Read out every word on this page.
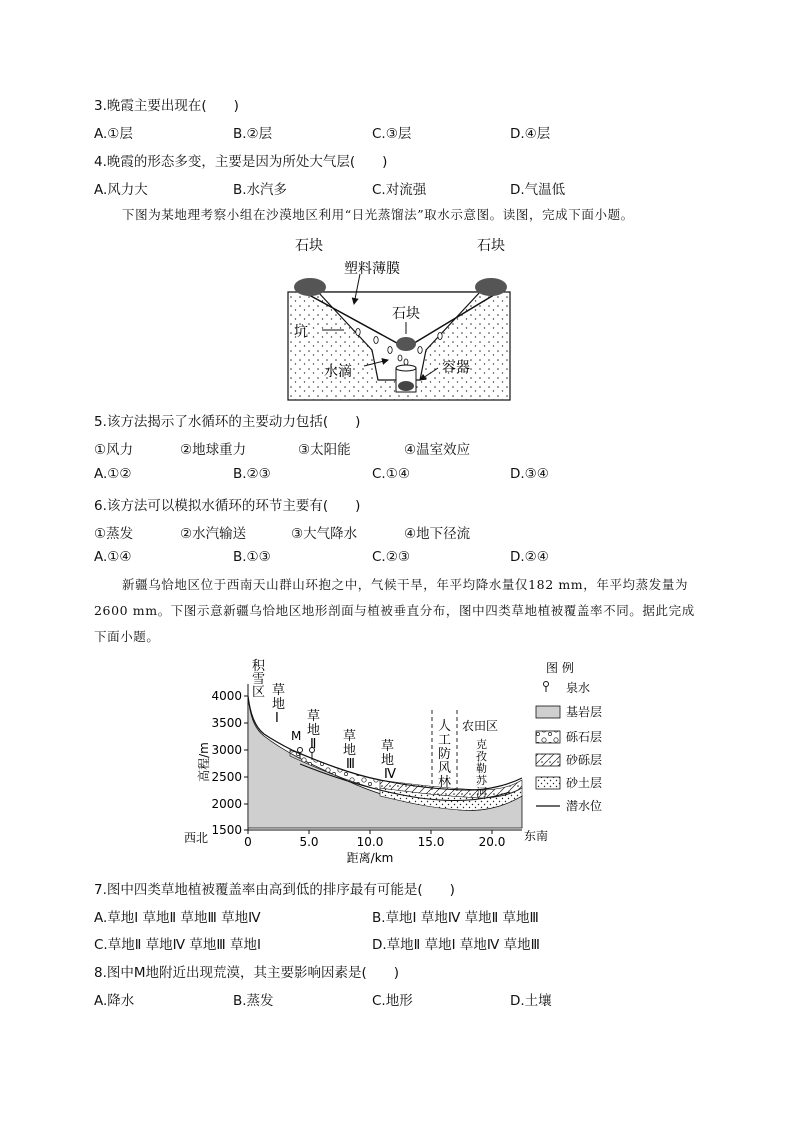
3.晚霞主要出现在(　　)
A.①层	B.②层	C.③层	D.④层
4.晚霞的形态多变，主要是因为所处大气层(　　)
A.风力大	B.水汽多	C.对流强	D.气温低
下图为某地理考察小组在沙漠地区利用“日光蒸馏法”取水示意图。读图，完成下面小题。
石块	石块
塑料薄膜
石块
坑
水滴	容器
5.该方法揭示了水循环的主要动力包括(　　)
①风力	②地球重力	③太阳能	④温室效应
A.①②	B.②③	C.①④	D.③④
6.该方法可以模拟水循环的环节主要有(　　)
①蒸发	②水汽输送	③大气降水	④地下径流
A.①④	B.①③	C.②③	D.②④
新疆乌恰地区位于西南天山群山环抱之中，气候干旱，年平均降水量仅182 mm，年平均蒸发量为2600 mm。下图示意新疆乌恰地区地形剖面与植被垂直分布，图中四类草地植被覆盖率不同。据此完成下面小题。
4000
3500
3000
2500
2000
1500
0	5.0	10.0	15.0	20.0
高程/m
距离/km
西北	东南
积
雪
区 草
地
Ⅰ 草
地
Ⅱ
草
地
Ⅲ
草
地
Ⅳ
人
工
防
风
林
农田区
克
孜
勒
苏
河
M
图 例
泉水
基岩层
砾石层
砂砾层
砂土层
潜水位
7.图中四类草地植被覆盖率由高到低的排序最有可能是(　　)
A.草地Ⅰ 草地Ⅱ 草地Ⅲ 草地Ⅳ	B.草地Ⅰ 草地Ⅳ 草地Ⅱ 草地Ⅲ
C.草地Ⅱ 草地Ⅳ 草地Ⅲ 草地Ⅰ	D.草地Ⅱ 草地Ⅰ 草地Ⅳ 草地Ⅲ
8.图中M地附近出现荒漠，其主要影响因素是(　　)
A.降水	B.蒸发	C.地形	D.土壤
